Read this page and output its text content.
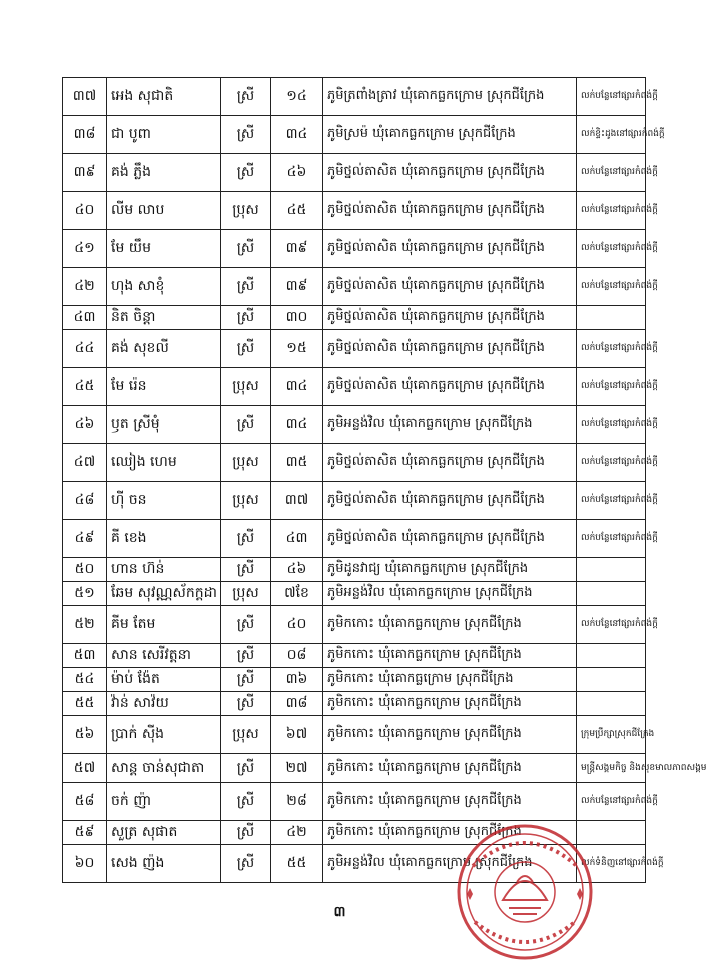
៣៧	អេង សុជាតិ	ស្រី	១៤	ភូមិត្រពាំងត្រាវ ឃុំគោកធ្លកក្រោម ស្រុកជីក្រែង	លក់បន្លែនៅផ្សារកំពង់ក្តី
៣៨	ជា បូពា	ស្រី	៣៤	ភូមិស្រម៉ ឃុំគោកធ្លកក្រោម ស្រុកជីក្រែង	លក់ខ្ទិះដូងនៅផ្សារកំពង់ក្តី
៣៩	គង់ ភ្លឹង	ស្រី	៤៦	ភូមិថ្នល់តាសិត ឃុំគោកធ្លកក្រោម ស្រុកជីក្រែង	លក់បន្លែនៅផ្សារកំពង់ក្តី
៤០	លីម លាប	ប្រុស	៤៥	ភូមិថ្នល់តាសិត ឃុំគោកធ្លកក្រោម ស្រុកជីក្រែង	លក់បន្លែនៅផ្សារកំពង់ក្តី
៤១	មែ យឹម	ស្រី	៣៩	ភូមិថ្នល់តាសិត ឃុំគោកធ្លកក្រោម ស្រុកជីក្រែង	លក់បន្លែនៅផ្សារកំពង់ក្តី
៤២	ហុង សាខុំ	ស្រី	៣៩	ភូមិថ្នល់តាសិត ឃុំគោកធ្លកក្រោម ស្រុកជីក្រែង	លក់បន្លែនៅផ្សារកំពង់ក្តី
៤៣	និត ចិន្តា	ស្រី	៣០	ភូមិថ្នល់តាសិត ឃុំគោកធ្លកក្រោម ស្រុកជីក្រែង	
៤៤	គង់ សុខលី	ស្រី	១៥	ភូមិថ្នល់តាសិត ឃុំគោកធ្លកក្រោម ស្រុកជីក្រែង	លក់បន្លែនៅផ្សារកំពង់ក្តី
៤៥	មែ រ៉េន	ប្រុស	៣៤	ភូមិថ្នល់តាសិត ឃុំគោកធ្លកក្រោម ស្រុកជីក្រែង	លក់បន្លែនៅផ្សារកំពង់ក្តី
៤៦	ឫត ស្រីមុំ	ស្រី	៣៤	ភូមិអន្លង់វិល ឃុំគោកធ្លកក្រោម ស្រុកជីក្រែង	លក់បន្លែនៅផ្សារកំពង់ក្តី
៤៧	ឈៀង ហេម	ប្រុស	៣៥	ភូមិថ្នល់តាសិត ឃុំគោកធ្លកក្រោម ស្រុកជីក្រែង	លក់បន្លែនៅផ្សារកំពង់ក្តី
៤៨	ហ៊ី ចន	ប្រុស	៣៧	ភូមិថ្នល់តាសិត ឃុំគោកធ្លកក្រោម ស្រុកជីក្រែង	លក់បន្លែនៅផ្សារកំពង់ក្តី
៤៩	គី ខេង	ស្រី	៤៣	ភូមិថ្នល់តាសិត ឃុំគោកធ្លកក្រោម ស្រុកជីក្រែង	លក់បន្លែនៅផ្សារកំពង់ក្តី
៥០	ហាន ហ៊ន់	ស្រី	៤៦	ភូមិដូនវាជ្យ ឃុំគោកធ្លកក្រោម ស្រុកជីក្រែង	
៥១	ឆែម សុវណ្ណស័កក្តដា	ប្រុស	៧ខែ	ភូមិអន្លង់វិល ឃុំគោកធ្លកក្រោម ស្រុកជីក្រែង	
៥២	គីម តែម	ស្រី	៤០	ភូមិកកោះ ឃុំគោកធ្លកក្រោម ស្រុកជីក្រែង	លក់បន្លែនៅផ្សារកំពង់ក្តី
៥៣	សាន សេរីវត្តនា	ស្រី	០៨	ភូមិកកោះ ឃុំគោកធ្លកក្រោម ស្រុកជីក្រែង	
៥៤	ម៉ាប់ ង៉ែត	ស្រី	៣៦	ភូមិកកោះ ឃុំគោកធ្លក្រោម ស្រុកជីក្រែង	
៥៥	វ៉ាន់ សាវ៉យ	ស្រី	៣៨	ភូមិកកោះ ឃុំគោកធ្លកក្រោម ស្រុកជីក្រែង	
៥៦	ប្រាក់ ស៊ីង	ប្រុស	៦៧	ភូមិកកោះ ឃុំគោកធ្លកក្រោម ស្រុកជីក្រែង	ក្រុមប្រឹក្សាស្រុកជីក្រែង
៥៧	សាន្ត ចាន់សុជាតា	ស្រី	២៧	ភូមិកកោះ ឃុំគោកធ្លកក្រោម ស្រុកជីក្រែង	មន្ត្រីសង្គមកិច្ច និងសុខមាលភាពសង្គម
៥៨	ចក់ ញ៉ា	ស្រី	២៨	ភូមិកកោះ ឃុំគោកធ្លកក្រោម ស្រុកជីក្រែង	លក់បន្លែនៅផ្សារកំពង់ក្តី
៥៩	សួត្រ សុផាត	ស្រី	៤២	ភូមិកកោះ ឃុំគោកធ្លកក្រោម ស្រុកជីក្រែង	
៦០	សេង ញ៉ង	ស្រី	៥៥	ភូមិអន្លង់វិល ឃុំគោកធ្លកក្រោម ស្រុកជីក្រែង	លក់ទំនិញនៅផ្សារកំពង់ក្តី
៣
